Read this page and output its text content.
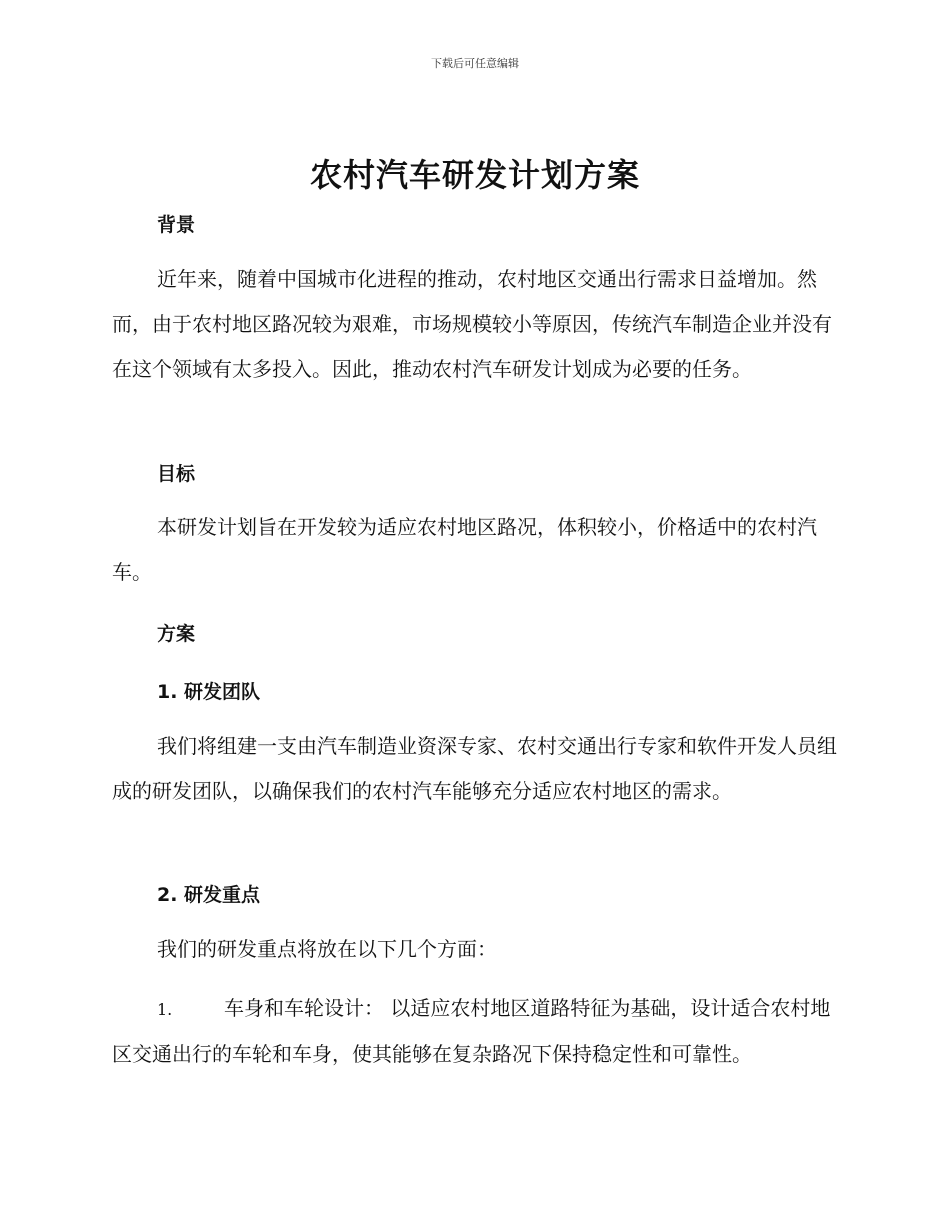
下载后可任意编辑
农村汽车研发计划方案
背景

近年来，随着中国城市化进程的推动，农村地区交通出行需求日益增加。然而，由于农村地区路况较为艰难，市场规模较小等原因，传统汽车制造企业并没有在这个领域有太多投入。因此，推动农村汽车研发计划成为必要的任务。

目标

本研发计划旨在开发较为适应农村地区路况，体积较小，价格适中的农村汽车。

方案
1. 研发团队

我们将组建一支由汽车制造业资深专家、农村交通出行专家和软件开发人员组成的研发团队，以确保我们的农村汽车能够充分适应农村地区的需求。

2. 研发重点

我们的研发重点将放在以下几个方面：

1.	车身和车轮设计： 以适应农村地区道路特征为基础，设计适合农村地区交通出行的车轮和车身，使其能够在复杂路况下保持稳定性和可靠性。
